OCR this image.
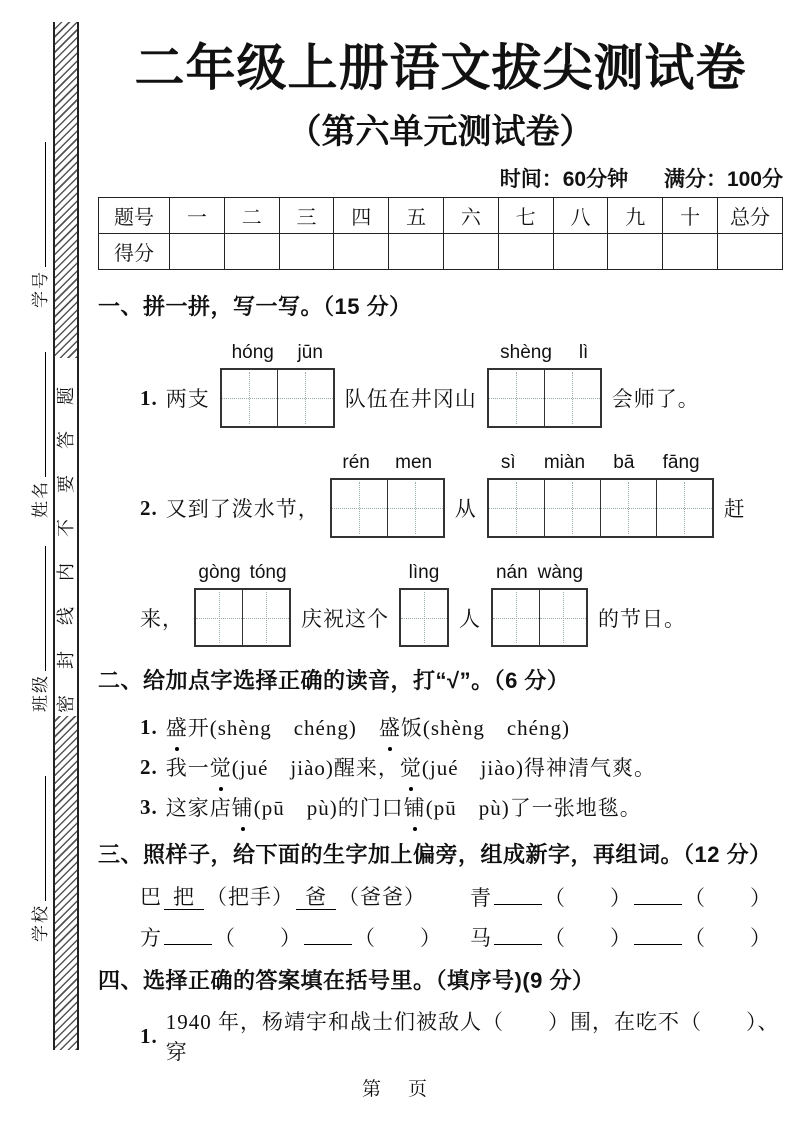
学号
姓名
班级
学校
密封线内不要答题
二年级上册语文拔尖测试卷
（第六单元测试卷）
时间：60分钟 满分：100分
题号	一	二	三	四	五	六	七	八	九	十	总分
得分											
一、拼一拼，写一写。（15 分）
1. 两支
hóng jūn
队伍在井冈山
shèng lì
会师了。
2. 又到了泼水节，
rén men
从
sì miàn bā fāng
赶
来，
gòng tóng
庆祝这个
lìng
人
nán wàng
的节日。
二、给加点字选择正确的读音，打“√”。（6 分）
1. 盛 开(shèng　chéng)　 盛 饭(shèng　chéng)
2. 我一 觉 (jué　jiào)醒来， 觉 (jué　jiào)得神清气爽。
3. 这家店 铺 (pū　pù)的门口 铺 (pū　pù)了一张地毯。
三、照样子，给下面的生字加上偏旁，组成新字，再组词。（12 分）
巴 把 （把手） 爸 （爸爸） 青 （　　） （　　）
方 （　　） （　　） 马 （　　） （　　）
四、选择正确的答案填在括号里。（填序号)(9 分）
1.
1940 年，杨靖宇和战士们被敌人（　　）围，在吃不（　　）、穿
第　页
